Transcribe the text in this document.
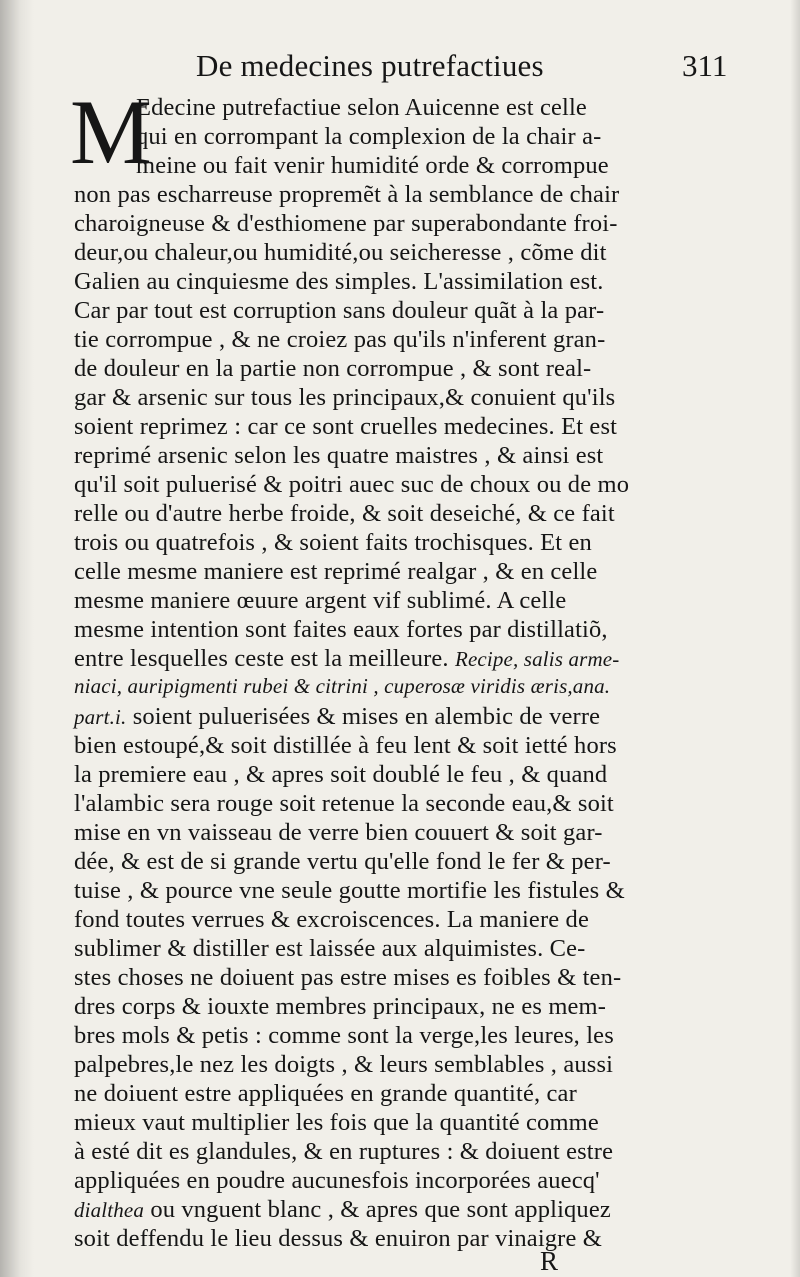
De medecines putrefactiues	311
M
Edecine putrefactiue selon Auicenne est celle
qui en corrompant la complexion de la chair a-
meine ou fait venir humidité orde & corrompue
non pas escharreuse propremẽt à la semblance de chair
charoigneuse & d'esthiomene par superabondante froi-
deur,ou chaleur,ou humidité,ou seicheresse , cõme dit
Galien au cinquiesme des simples. L'assimilation est.
Car par tout est corruption sans douleur quãt à la par-
tie corrompue , & ne croiez pas qu'ils n'inferent gran-
de douleur en la partie non corrompue , & sont real-
gar & arsenic sur tous les principaux,& conuient qu'ils
soient reprimez : car ce sont cruelles medecines. Et est
reprimé arsenic selon les quatre maistres , & ainsi est
qu'il soit puluerisé & poitri auec suc de choux ou de mo
relle ou d'autre herbe froide, & soit deseiché, & ce fait
trois ou quatrefois , & soient faits trochisques. Et en
celle mesme maniere est reprimé realgar , & en celle
mesme maniere œuure argent vif sublimé. A celle
mesme intention sont faites eaux fortes par distillatiõ,
entre lesquelles ceste est la meilleure. Recipe, salis arme-
niaci, auripigmenti rubei & citrini , cuperosæ viridis æris,ana.
part.i. soient puluerisées & mises en alembic de verre
bien estoupé,& soit distillée à feu lent & soit ietté hors
la premiere eau , & apres soit doublé le feu , & quand
l'alambic sera rouge soit retenue la seconde eau,& soit
mise en vn vaisseau de verre bien couuert & soit gar-
dée, & est de si grande vertu qu'elle fond le fer & per-
tuise , & pource vne seule goutte mortifie les fistules &
fond toutes verrues & excroiscences. La maniere de
sublimer & distiller est laissée aux alquimistes. Ce-
stes choses ne doiuent pas estre mises es foibles & ten-
dres corps & iouxte membres principaux, ne es mem-
bres mols & petis : comme sont la verge,les leures, les
palpebres,le nez les doigts , & leurs semblables , aussi
ne doiuent estre appliquées en grande quantité, car
mieux vaut multiplier les fois que la quantité comme
à esté dit es glandules, & en ruptures : & doiuent estre
appliquées en poudre aucunesfois incorporées auecq'
dialthea ou vnguent blanc , & apres que sont appliquez
soit deffendu le lieu dessus & enuiron par vinaigre &
R
